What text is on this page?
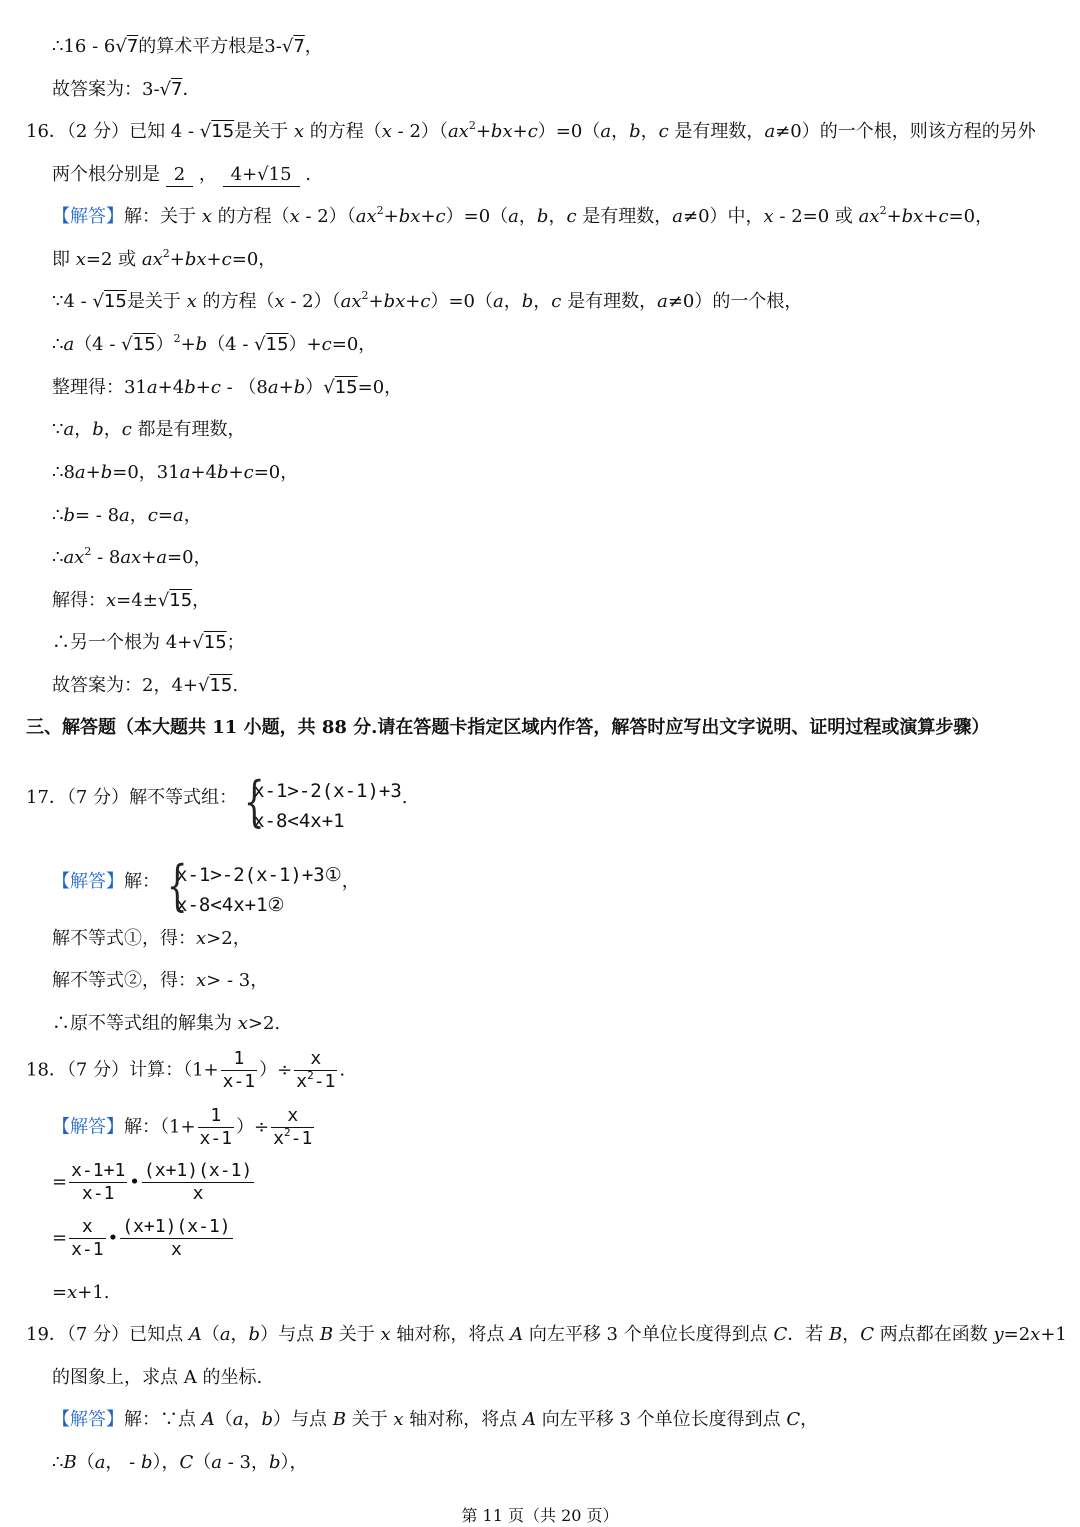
∴16 - 6√7的算术平方根是3-√7，
故答案为：3-√7．
16．（2 分）已知 4 - √15是关于 x 的方程$(x - 2)(ax^2+bx+c)=0(a$，b，c 是有理数，a≠0）的一个根，则该方程的另外
两个根分别是 2 ， 4+√15 .
【解答】解：关于 x 的方程$(x - 2)(ax^2+bx+c)=0(a$，b，c 是有理数，a≠0）中，x - 2=0 或 $ax^2+bx+c=0$，
即 x=2 或 $ax^2+bx+c=0$，
∵4 - √15是关于 x 的方程$(x - 2)(ax^2+bx+c)=0(a$，b，c 是有理数，a≠0）的一个根，
∴a（4 - √15）$^2$+b（4 - √15）+c=0，
整理得：31a+4b+c - （8a+b）√15=0，
∵a，b，c 都是有理数，
∴8a+b=0，31a+4b+c=0，
∴b= - 8a，c=a，
$\therefore ax^2 - 8ax+a=0$，
解得：x=4±√15，
∴另一个根为 4+√15；
故答案为：2，4+√15.
三、解答题（本大题共 11 小题，共 88 分.请在答题卡指定区域内作答，解答时应写出文字说明、证明过程或演算步骤）
17．（7 分）解不等式组： {
x-1>-2(x-1)+3
x-8<4x+1
.
【解答】解： {
x-1>-2(x-1)+3①
x-8<4x+1②
，
解不等式①，得：x>2，
解不等式②，得：x> - 3，
∴原不等式组的解集为 x>2.
18．（7 分）计算：（$1+ \frac{1}{x-1}$ ）÷ $\frac{x}{x^2-1}$ .
【解答】解：（$1+ \frac{1}{x-1}$ ）÷ $\frac{x}{x^2-1}$
= $\frac{x-1+1}{x-1}$ • $\frac{(x+1)(x-1)}{x}$
= $\frac{x}{x-1}$ • $\frac{(x+1)(x-1)}{x}$
=x+1.
19．（7 分）已知点 A（a，b）与点 B 关于 x 轴对称，将点 A 向左平移 3 个单位长度得到点 C．若 B，C 两点都在函数 y=2x+1
的图象上，求点 A 的坐标.
【解答】解：∵点 A（a，b）与点 B 关于 x 轴对称，将点 A 向左平移 3 个单位长度得到点 C，
∴B（a， - b），C（a - 3，b），
第 11 页（共 20 页）
